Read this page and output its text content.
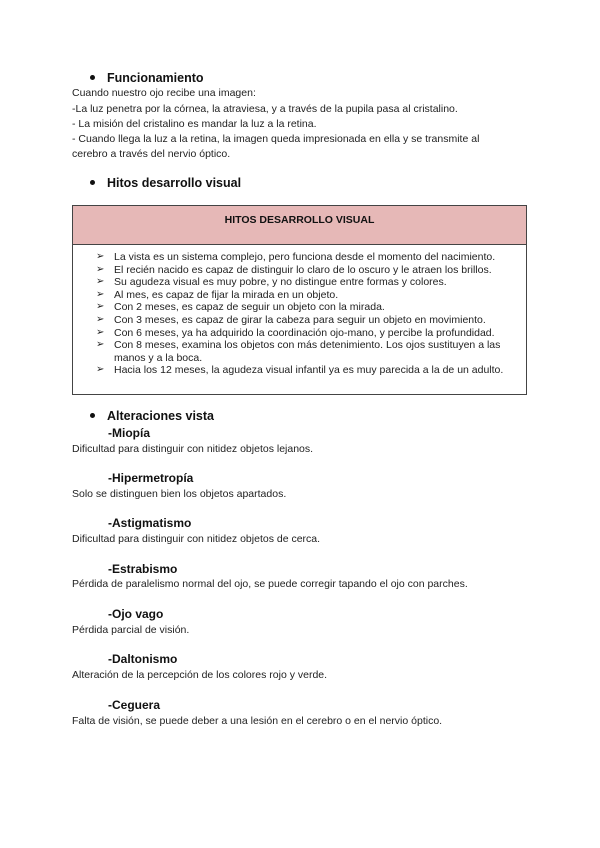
Funcionamiento
Cuando nuestro ojo recibe una imagen:
-La luz penetra por la córnea, la atraviesa, y a través de la pupila pasa al cristalino.
- La misión del cristalino es mandar la luz a la retina.
- Cuando llega la luz a la retina, la imagen queda impresionada en ella y se transmite al
cerebro a través del nervio óptico.
Hitos desarrollo visual
HITOS DESARROLLO VISUAL
➢ La vista es un sistema complejo, pero funciona desde el momento del nacimiento.
➢ El recién nacido es capaz de distinguir lo claro de lo oscuro y le atraen los brillos.
➢ Su agudeza visual es muy pobre, y no distingue entre formas y colores.
➢ Al mes, es capaz de fijar la mirada en un objeto.
➢ Con 2 meses, es capaz de seguir un objeto con la mirada.
➢ Con 3 meses, es capaz de girar la cabeza para seguir un objeto en movimiento.
➢ Con 6 meses, ya ha adquirido la coordinación ojo-mano, y percibe la profundidad.
➢ Con 8 meses, examina los objetos con más detenimiento. Los ojos sustituyen a las manos y a la boca.
➢ Hacia los 12 meses, la agudeza visual infantil ya es muy parecida a la de un adulto.
Alteraciones vista
-Miopía
Dificultad para distinguir con nitidez objetos lejanos.
-Hipermetropía
Solo se distinguen bien los objetos apartados.
-Astigmatismo
Dificultad para distinguir con nitidez objetos de cerca.
-Estrabismo
Pérdida de paralelismo normal del ojo, se puede corregir tapando el ojo con parches.
-Ojo vago
Pérdida parcial de visión.
-Daltonismo
Alteración de la percepción de los colores rojo y verde.
-Ceguera
Falta de visión, se puede deber a una lesión en el cerebro o en el nervio óptico.
